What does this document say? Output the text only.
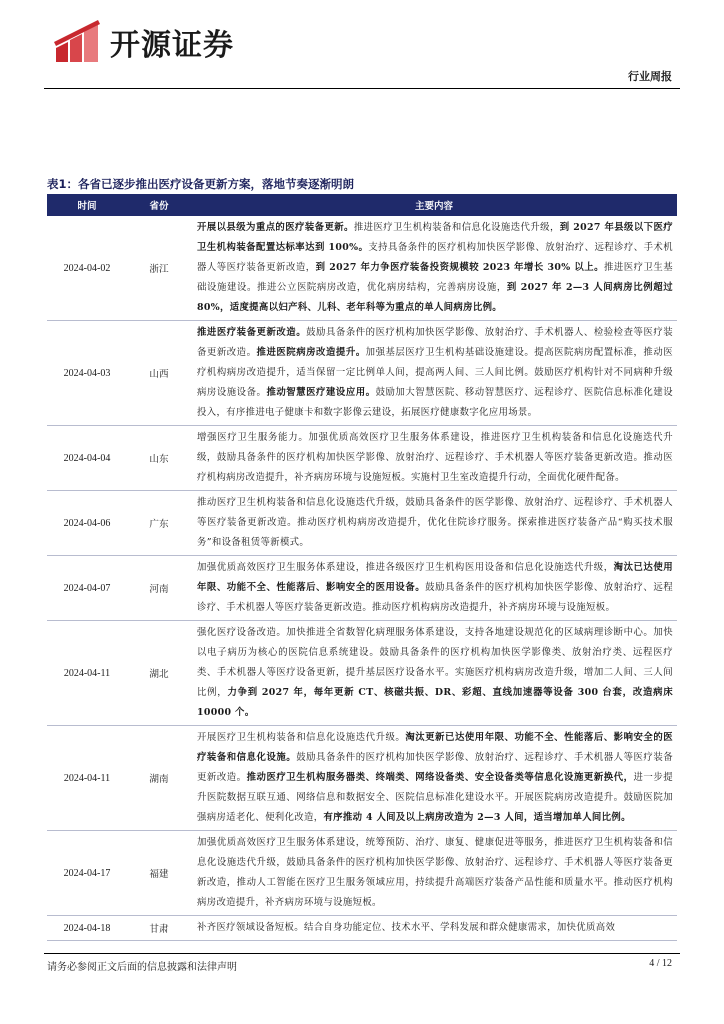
开源证券
行业周报
表1：各省已逐步推出医疗设备更新方案，落地节奏逐渐明朗
时间	省份	主要内容
2024-04-02	浙江	开展以县级为重点的医疗装备更新。推进医疗卫生机构装备和信息化设施迭代升级，到 2027 年县级以下医疗卫生机构装备配置达标率达到 100%。支持具备条件的医疗机构加快医学影像、放射治疗、远程诊疗、手术机器人等医疗装备更新改造，到 2027 年力争医疗装备投资规模较 2023 年增长 30% 以上。推进医疗卫生基础设施建设。推进公立医院病房改造，优化病房结构，完善病房设施，到 2027 年 2—3 人间病房比例超过 80%，适度提高以妇产科、儿科、老年科等为重点的单人间病房比例。
2024-04-03	山西	推进医疗装备更新改造。鼓励具备条件的医疗机构加快医学影像、放射治疗、手术机器人、检验检查等医疗装备更新改造。推进医院病房改造提升。加强基层医疗卫生机构基础设施建设。提高医院病房配置标准，推动医疗机构病房改造提升，适当保留一定比例单人间，提高两人间、三人间比例。鼓励医疗机构针对不同病种升级病房设施设备。推动智慧医疗建设应用。鼓励加大智慧医院、移动智慧医疗、远程诊疗、医院信息标准化建设投入，有序推进电子健康卡和数字影像云建设，拓展医疗健康数字化应用场景。
2024-04-04	山东	增强医疗卫生服务能力。加强优质高效医疗卫生服务体系建设，推进医疗卫生机构装备和信息化设施迭代升级，鼓励具备条件的医疗机构加快医学影像、放射治疗、远程诊疗、手术机器人等医疗装备更新改造。推动医疗机构病房改造提升，补齐病房环境与设施短板。实施村卫生室改造提升行动，全面优化硬件配备。
2024-04-06	广东	推动医疗卫生机构装备和信息化设施迭代升级，鼓励具备条件的医学影像、放射治疗、远程诊疗、手术机器人等医疗装备更新改造。推动医疗机构病房改造提升，优化住院诊疗服务。探索推进医疗装备产品“购买技术服务”和设备租赁等新模式。
2024-04-07	河南	加强优质高效医疗卫生服务体系建设，推进各级医疗卫生机构医用设备和信息化设施迭代升级，淘汰已达使用年限、功能不全、性能落后、影响安全的医用设备。鼓励具备条件的医疗机构加快医学影像、放射治疗、远程诊疗、手术机器人等医疗装备更新改造。推动医疗机构病房改造提升，补齐病房环境与设施短板。
2024-04-11	湖北	强化医疗设备改造。加快推进全省数智化病理服务体系建设，支持各地建设规范化的区域病理诊断中心。加快以电子病历为核心的医院信息系统建设。鼓励具备条件的医疗机构加快医学影像类、放射治疗类、远程医疗类、手术机器人等医疗设备更新，提升基层医疗设备水平。实施医疗机构病房改造升级，增加二人间、三人间比例，力争到 2027 年，每年更新 CT、核磁共振、DR、彩超、直线加速器等设备 300 台套，改造病床 10000 个。
2024-04-11	湖南	开展医疗卫生机构装备和信息化设施迭代升级。淘汰更新已达使用年限、功能不全、性能落后、影响安全的医疗装备和信息化设施。鼓励具备条件的医疗机构加快医学影像、放射治疗、远程诊疗、手术机器人等医疗装备更新改造。推动医疗卫生机构服务器类、终端类、网络设备类、安全设备类等信息化设施更新换代，进一步提升医院数据互联互通、网络信息和数据安全、医院信息标准化建设水平。开展医院病房改造提升。鼓励医院加强病房适老化、便利化改造，有序推动 4 人间及以上病房改造为 2—3 人间，适当增加单人间比例。
2024-04-17	福建	加强优质高效医疗卫生服务体系建设，统筹预防、治疗、康复、健康促进等服务，推进医疗卫生机构装备和信息化设施迭代升级，鼓励具备条件的医疗机构加快医学影像、放射治疗、远程诊疗、手术机器人等医疗装备更新改造，推动人工智能在医疗卫生服务领域应用，持续提升高端医疗装备产品性能和质量水平。推动医疗机构病房改造提升，补齐病房环境与设施短板。
2024-04-18	甘肃	补齐医疗领域设备短板。结合自身功能定位、技术水平、学科发展和群众健康需求，加快优质高效
请务必参阅正文后面的信息披露和法律声明	4 / 12
